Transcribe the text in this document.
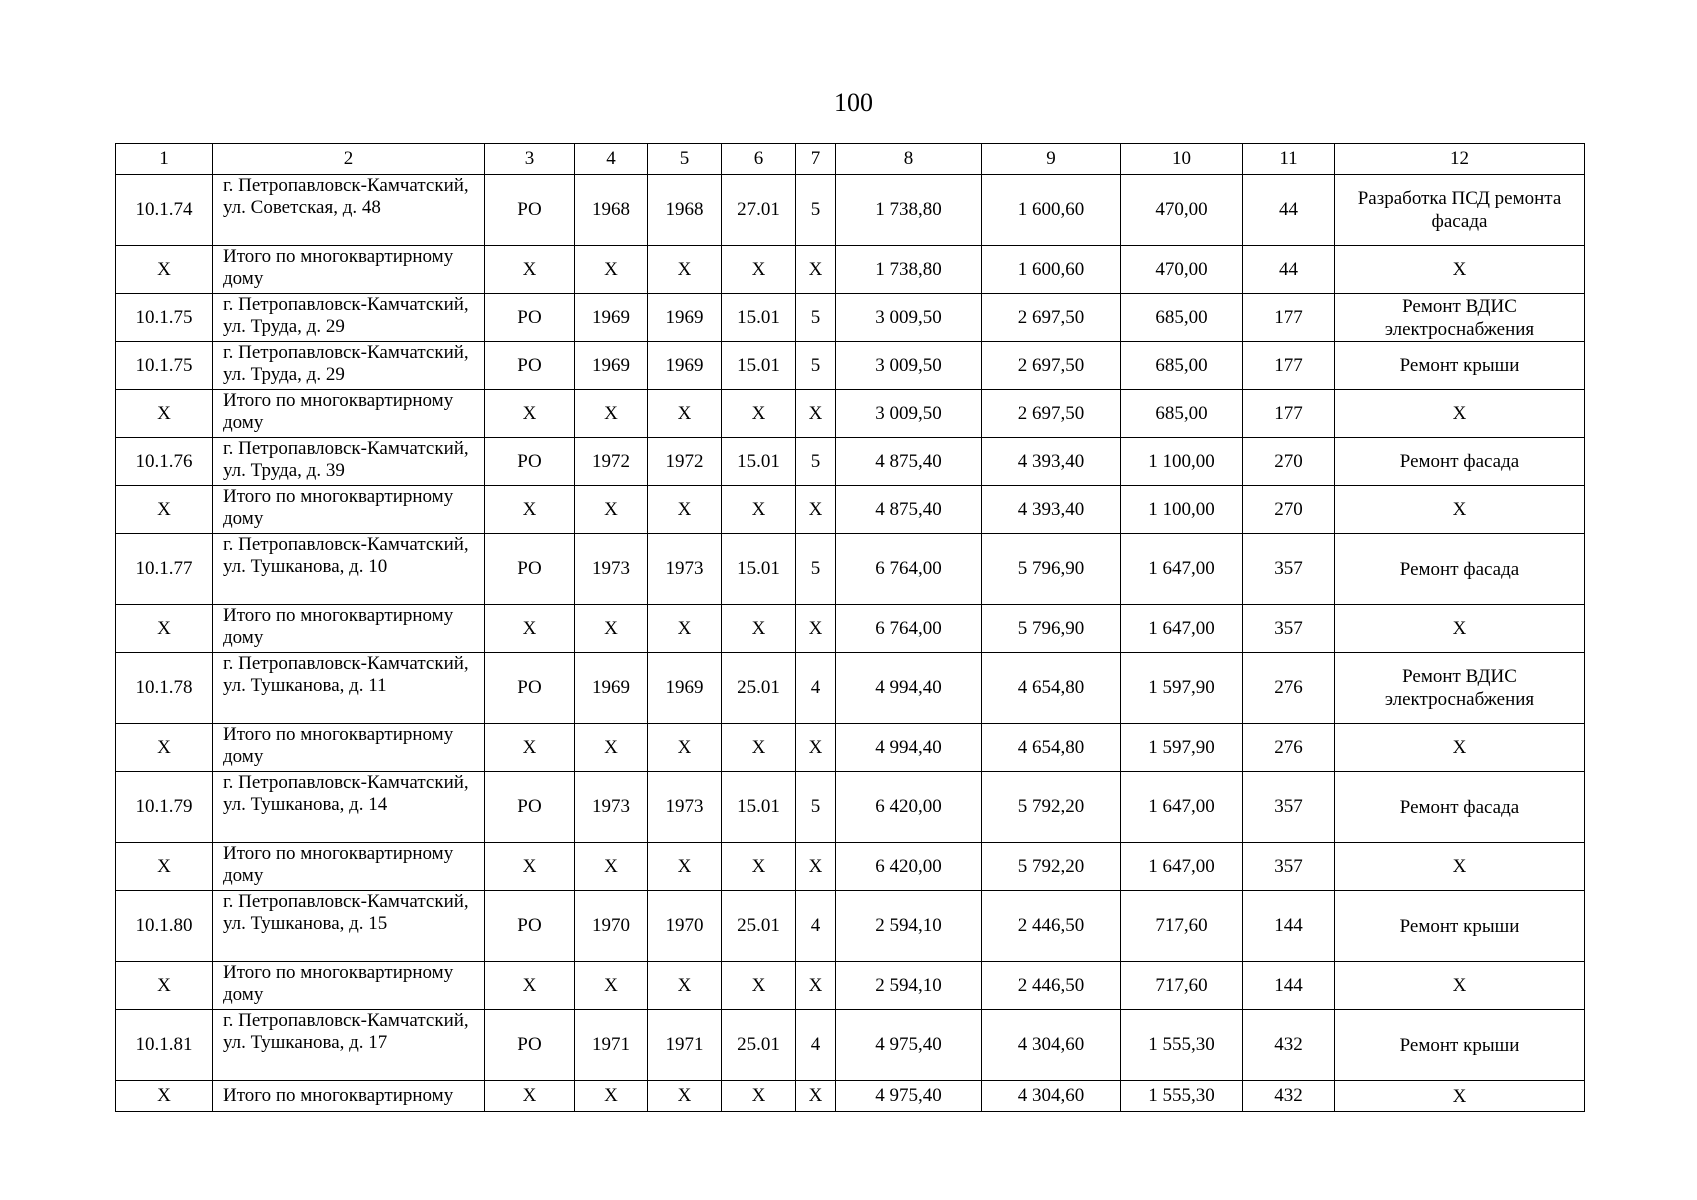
100
1	2	3	4	5	6	7	8	9	10	11	12
10.1.74	г. Петропавловск-Камчатский, ул. Советская, д. 48	РО	1968	1968	27.01	5	1 738,80	1 600,60	470,00	44	Разработка ПСД ремонта фасада
Х	Итого по многоквартирному дому	Х	Х	Х	Х	Х	1 738,80	1 600,60	470,00	44	Х
10.1.75	г. Петропавловск-Камчатский, ул. Труда, д. 29	РО	1969	1969	15.01	5	3 009,50	2 697,50	685,00	177	Ремонт ВДИС электроснабжения
10.1.75	г. Петропавловск-Камчатский, ул. Труда, д. 29	РО	1969	1969	15.01	5	3 009,50	2 697,50	685,00	177	Ремонт крыши
Х	Итого по многоквартирному дому	Х	Х	Х	Х	Х	3 009,50	2 697,50	685,00	177	Х
10.1.76	г. Петропавловск-Камчатский, ул. Труда, д. 39	РО	1972	1972	15.01	5	4 875,40	4 393,40	1 100,00	270	Ремонт фасада
Х	Итого по многоквартирному дому	Х	Х	Х	Х	Х	4 875,40	4 393,40	1 100,00	270	Х
10.1.77	г. Петропавловск-Камчатский, ул. Тушканова, д. 10	РО	1973	1973	15.01	5	6 764,00	5 796,90	1 647,00	357	Ремонт фасада
Х	Итого по многоквартирному дому	Х	Х	Х	Х	Х	6 764,00	5 796,90	1 647,00	357	Х
10.1.78	г. Петропавловск-Камчатский, ул. Тушканова, д. 11	РО	1969	1969	25.01	4	4 994,40	4 654,80	1 597,90	276	Ремонт ВДИС электроснабжения
Х	Итого по многоквартирному дому	Х	Х	Х	Х	Х	4 994,40	4 654,80	1 597,90	276	Х
10.1.79	г. Петропавловск-Камчатский, ул. Тушканова, д. 14	РО	1973	1973	15.01	5	6 420,00	5 792,20	1 647,00	357	Ремонт фасада
Х	Итого по многоквартирному дому	Х	Х	Х	Х	Х	6 420,00	5 792,20	1 647,00	357	Х
10.1.80	г. Петропавловск-Камчатский, ул. Тушканова, д. 15	РО	1970	1970	25.01	4	2 594,10	2 446,50	717,60	144	Ремонт крыши
Х	Итого по многоквартирному дому	Х	Х	Х	Х	Х	2 594,10	2 446,50	717,60	144	Х
10.1.81	г. Петропавловск-Камчатский, ул. Тушканова, д. 17	РО	1971	1971	25.01	4	4 975,40	4 304,60	1 555,30	432	Ремонт крыши
Х	Итого по многоквартирному	Х	Х	Х	Х	Х	4 975,40	4 304,60	1 555,30	432	Х
